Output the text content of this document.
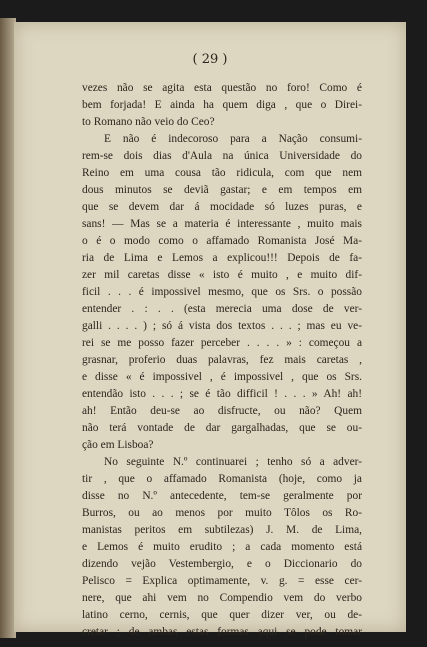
( 29 )
vezes não se agita esta questão no foro! Como é
bem forjada! E ainda ha quem diga , que o Direi-
to Romano não veio do Ceo?
E não é indecoroso para a Nação consumi-
rem-se dois dias d'Aula na única Universidade do
Reino em uma cousa tão ridicula, com que nem
dous minutos se deviã gastar; e em tempos em
que se devem dar á mocidade só luzes puras, e
sans! — Mas se a materia é interessante , muito mais
o é o modo como o affamado Romanista José Ma-
ria de Lima e Lemos a explicou!!! Depois de fa-
zer mil caretas disse « isto é muito , e muito dif-
ficil . . . é impossivel mesmo, que os Srs. o possão
entender . : . . (esta merecia uma dose de ver-
galli . . . . ) ; só á vista dos textos . . . ; mas eu ve-
rei se me posso fazer perceber . . . . » : começou a
grasnar, proferio duas palavras, fez mais caretas ,
e disse « é impossivel , é impossivel , que os Srs.
entendão isto . . . ; se é tão difficil ! . . . » Ah! ah!
ah! Então deu-se ao disfructe, ou não? Quem
não terá vontade de dar gargalhadas, que se ou-
ção em Lisboa?
No seguinte N.º continuarei ; tenho só a adver-
tir , que o affamado Romanista (hoje, como ja
disse no N.º antecedente, tem-se geralmente por
Burros, ou ao menos por muito Tôlos os Ro-
manistas peritos em subtilezas) J. M. de Lima,
e Lemos é muito erudito ; a cada momento está
dizendo vejão Vestembergio, e o Diccionario do
Pelisco = Explica optimamente, v. g. = esse cer-
nere, que ahi vem no Compendio vem do verbo
latino cerno, cernis, que quer dizer ver, ou de-
cretar ; de ambas estas formas aqui se pode tomar
